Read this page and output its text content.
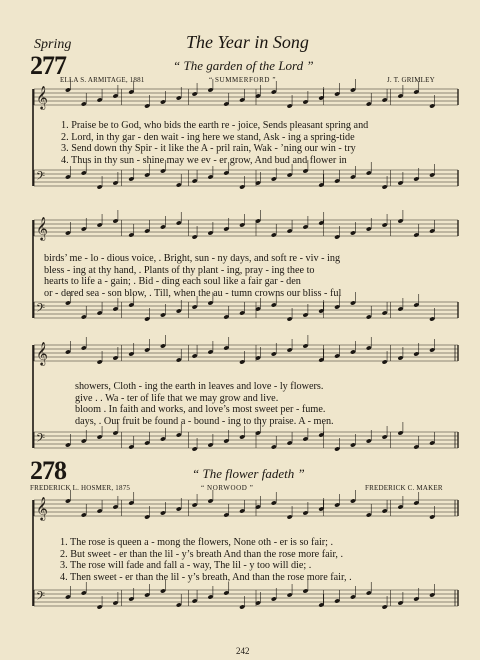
𝄞
𝄢
𝄞
𝄢
𝄞
𝄢
𝄞
𝄢
Spring	The Year in Song
277	“ The garden of the Lord ”
ELLA S. ARMITAGE, 1881	“ SUMMERFORD ”	J. T. GRIMLEY
1. Praise be to God, who bids the earth re - joice, Sends pleasant spring and
2. Lord, in thy gar - den wait - ing here we stand, Ask - ing a spring-tide
3. Send down thy Spir - it like the A - pril rain, Wak - ’ning our win - try
4. Thus in thy sun - shine may we ev - er grow, And bud and flower in
birds’ me - lo - dious voice, . Bright, sun - ny days, and soft re - viv - ing
bless - ing at thy hand, . Plants of thy plant - ing, pray - ing thee to
hearts to life a - gain; . Bid - ding each soul like a fair gar - den
or - dered sea - son blow, . Till, when the au - tumn crowns our bliss - ful
showers, Cloth - ing the earth in leaves and love - ly flowers.
give . . Wa - ter of life that we may grow and live.
bloom . In faith and works, and love’s most sweet per - fume.
days, . Our fruit be found a - bound - ing to thy praise. A - men.
278	“ The flower fadeth ”
FREDERICK L. HOSMER, 1875	“ NORWOOD ”	FREDERICK C. MAKER
1. The rose is queen a - mong the flowers, None oth - er is so fair; .
2. But sweet - er than the lil - y’s breath And than the rose more fair, .
3. The rose will fade and fall a - way, The lil - y too will die; .
4. Then sweet - er than the lil - y’s breath, And than the rose more fair, .
242
